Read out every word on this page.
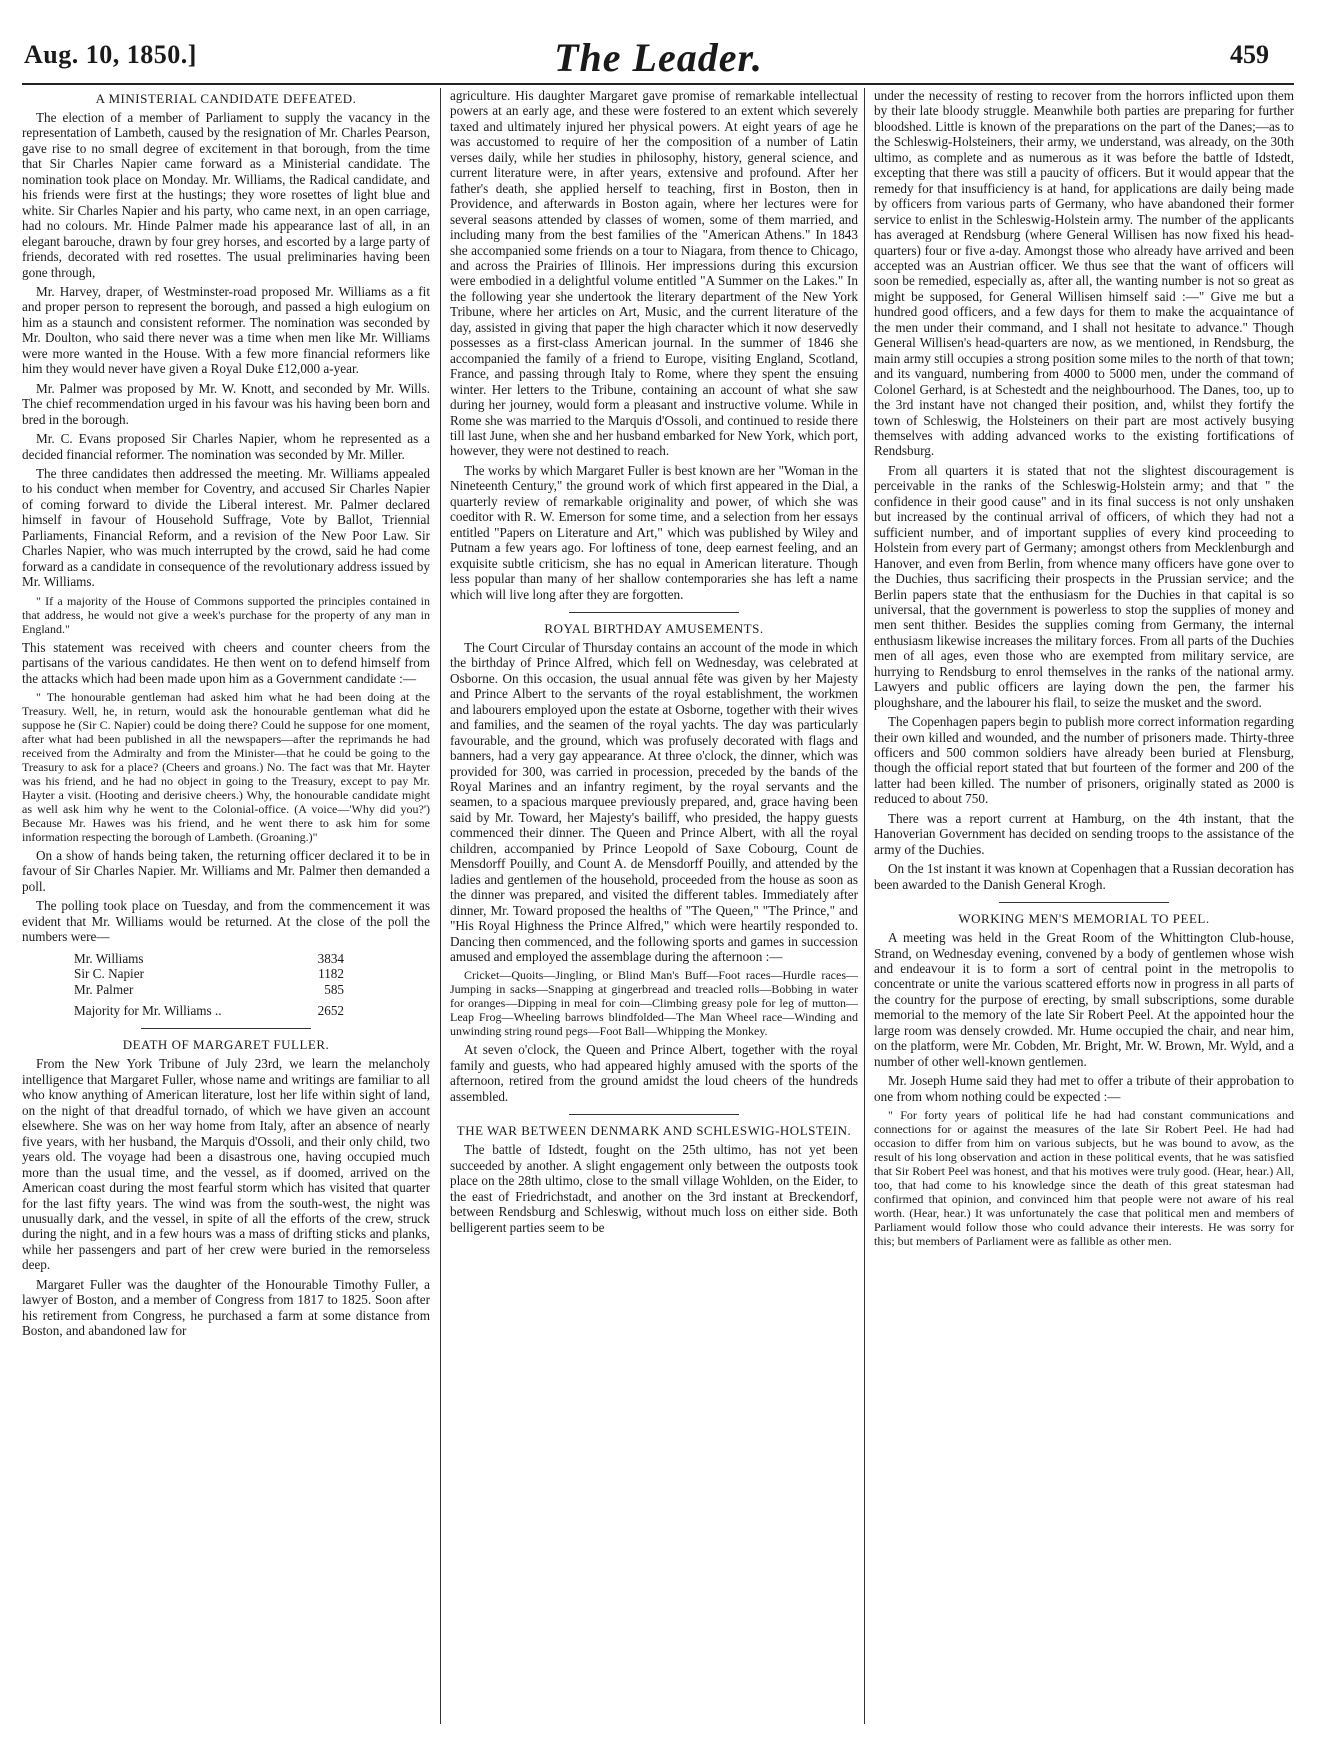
Aug. 10, 1850.]	The Leader.	459
A MINISTERIAL CANDIDATE DEFEATED.

The election of a member of Parliament to supply the vacancy in the representation of Lambeth, caused by the resignation of Mr. Charles Pearson, gave rise to no small degree of excitement in that borough, from the time that Sir Charles Napier came forward as a Ministerial candidate. The nomination took place on Monday. Mr. Williams, the Radical candidate, and his friends were first at the hustings; they wore rosettes of light blue and white. Sir Charles Napier and his party, who came next, in an open carriage, had no colours. Mr. Hinde Palmer made his appearance last of all, in an elegant barouche, drawn by four grey horses, and escorted by a large party of friends, decorated with red rosettes. The usual preliminaries having been gone through,

Mr. Harvey, draper, of Westminster-road proposed Mr. Williams as a fit and proper person to represent the borough, and passed a high eulogium on him as a staunch and consistent reformer. The nomination was seconded by Mr. Doulton, who said there never was a time when men like Mr. Williams were more wanted in the House. With a few more financial reformers like him they would never have given a Royal Duke £12,000 a-year.

Mr. Palmer was proposed by Mr. W. Knott, and seconded by Mr. Wills. The chief recommendation urged in his favour was his having been born and bred in the borough.

Mr. C. Evans proposed Sir Charles Napier, whom he represented as a decided financial reformer. The nomination was seconded by Mr. Miller.

The three candidates then addressed the meeting. Mr. Williams appealed to his conduct when member for Coventry, and accused Sir Charles Napier of coming forward to divide the Liberal interest. Mr. Palmer declared himself in favour of Household Suffrage, Vote by Ballot, Triennial Parliaments, Financial Reform, and a revision of the New Poor Law. Sir Charles Napier, who was much interrupted by the crowd, said he had come forward as a candidate in consequence of the revolutionary address issued by Mr. Williams.

" If a majority of the House of Commons supported the principles contained in that address, he would not give a week's purchase for the property of any man in England."

This statement was received with cheers and counter cheers from the partisans of the various candidates. He then went on to defend himself from the attacks which had been made upon him as a Government candidate :—

" The honourable gentleman had asked him what he had been doing at the Treasury. Well, he, in return, would ask the honourable gentleman what did he suppose he (Sir C. Napier) could be doing there? Could he suppose for one moment, after what had been published in all the newspapers—after the reprimands he had received from the Admiralty and from the Minister—that he could be going to the Treasury to ask for a place? (Cheers and groans.) No. The fact was that Mr. Hayter was his friend, and he had no object in going to the Treasury, except to pay Mr. Hayter a visit. (Hooting and derisive cheers.) Why, the honourable candidate might as well ask him why he went to the Colonial-office. (A voice—'Why did you?') Because Mr. Hawes was his friend, and he went there to ask him for some information respecting the borough of Lambeth. (Groaning.)"

On a show of hands being taken, the returning officer declared it to be in favour of Sir Charles Napier. Mr. Williams and Mr. Palmer then demanded a poll.

The polling took place on Tuesday, and from the commencement it was evident that Mr. Williams would be returned. At the close of the poll the numbers were—

Mr. Williams	3834
Sir C. Napier	1182
Mr. Palmer	585
Majority for Mr. Williams ..	2652
DEATH OF MARGARET FULLER.

From the New York Tribune of July 23rd, we learn the melancholy intelligence that Margaret Fuller, whose name and writings are familiar to all who know anything of American literature, lost her life within sight of land, on the night of that dreadful tornado, of which we have given an account elsewhere. She was on her way home from Italy, after an absence of nearly five years, with her husband, the Marquis d'Ossoli, and their only child, two years old. The voyage had been a disastrous one, having occupied much more than the usual time, and the vessel, as if doomed, arrived on the American coast during the most fearful storm which has visited that quarter for the last fifty years. The wind was from the south-west, the night was unusually dark, and the vessel, in spite of all the efforts of the crew, struck during the night, and in a few hours was a mass of drifting sticks and planks, while her passengers and part of her crew were buried in the remorseless deep.

Margaret Fuller was the daughter of the Honourable Timothy Fuller, a lawyer of Boston, and a member of Congress from 1817 to 1825. Soon after his retirement from Congress, he purchased a farm at some distance from Boston, and abandoned law for

agriculture. His daughter Margaret gave promise of remarkable intellectual powers at an early age, and these were fostered to an extent which severely taxed and ultimately injured her physical powers. At eight years of age he was accustomed to require of her the composition of a number of Latin verses daily, while her studies in philosophy, history, general science, and current literature were, in after years, extensive and profound. After her father's death, she applied herself to teaching, first in Boston, then in Providence, and afterwards in Boston again, where her lectures were for several seasons attended by classes of women, some of them married, and including many from the best families of the "American Athens." In 1843 she accompanied some friends on a tour to Niagara, from thence to Chicago, and across the Prairies of Illinois. Her impressions during this excursion were embodied in a delightful volume entitled "A Summer on the Lakes." In the following year she undertook the literary department of the New York Tribune, where her articles on Art, Music, and the current literature of the day, assisted in giving that paper the high character which it now deservedly possesses as a first-class American journal. In the summer of 1846 she accompanied the family of a friend to Europe, visiting England, Scotland, France, and passing through Italy to Rome, where they spent the ensuing winter. Her letters to the Tribune, containing an account of what she saw during her journey, would form a pleasant and instructive volume. While in Rome she was married to the Marquis d'Ossoli, and continued to reside there till last June, when she and her husband embarked for New York, which port, however, they were not destined to reach.

The works by which Margaret Fuller is best known are her "Woman in the Nineteenth Century," the ground work of which first appeared in the Dial, a quarterly review of remarkable originality and power, of which she was coeditor with R. W. Emerson for some time, and a selection from her essays entitled "Papers on Literature and Art," which was published by Wiley and Putnam a few years ago. For loftiness of tone, deep earnest feeling, and an exquisite subtle criticism, she has no equal in American literature. Though less popular than many of her shallow contemporaries she has left a name which will live long after they are forgotten.

ROYAL BIRTHDAY AMUSEMENTS.

The Court Circular of Thursday contains an account of the mode in which the birthday of Prince Alfred, which fell on Wednesday, was celebrated at Osborne. On this occasion, the usual annual fête was given by her Majesty and Prince Albert to the servants of the royal establishment, the workmen and labourers employed upon the estate at Osborne, together with their wives and families, and the seamen of the royal yachts. The day was particularly favourable, and the ground, which was profusely decorated with flags and banners, had a very gay appearance. At three o'clock, the dinner, which was provided for 300, was carried in procession, preceded by the bands of the Royal Marines and an infantry regiment, by the royal servants and the seamen, to a spacious marquee previously prepared, and, grace having been said by Mr. Toward, her Majesty's bailiff, who presided, the happy guests commenced their dinner. The Queen and Prince Albert, with all the royal children, accompanied by Prince Leopold of Saxe Cobourg, Count de Mensdorff Pouilly, and Count A. de Mensdorff Pouilly, and attended by the ladies and gentlemen of the household, proceeded from the house as soon as the dinner was prepared, and visited the different tables. Immediately after dinner, Mr. Toward proposed the healths of "The Queen," "The Prince," and "His Royal Highness the Prince Alfred," which were heartily responded to. Dancing then commenced, and the following sports and games in succession amused and employed the assemblage during the afternoon :—

Cricket—Quoits—Jingling, or Blind Man's Buff—Foot races—Hurdle races—Jumping in sacks—Snapping at gingerbread and treacled rolls—Bobbing in water for oranges—Dipping in meal for coin—Climbing greasy pole for leg of mutton—Leap Frog—Wheeling barrows blindfolded—The Man Wheel race—Winding and unwinding string round pegs—Foot Ball—Whipping the Monkey.

At seven o'clock, the Queen and Prince Albert, together with the royal family and guests, who had appeared highly amused with the sports of the afternoon, retired from the ground amidst the loud cheers of the hundreds assembled.

THE WAR BETWEEN DENMARK AND SCHLESWIG-HOLSTEIN.

The battle of Idstedt, fought on the 25th ultimo, has not yet been succeeded by another. A slight engagement only between the outposts took place on the 28th ultimo, close to the small village Wohlden, on the Eider, to the east of Friedrichstadt, and another on the 3rd instant at Breckendorf, between Rendsburg and Schleswig, without much loss on either side. Both belligerent parties seem to be

under the necessity of resting to recover from the horrors inflicted upon them by their late bloody struggle. Meanwhile both parties are preparing for further bloodshed. Little is known of the preparations on the part of the Danes;—as to the Schleswig-Holsteiners, their army, we understand, was already, on the 30th ultimo, as complete and as numerous as it was before the battle of Idstedt, excepting that there was still a paucity of officers. But it would appear that the remedy for that insufficiency is at hand, for applications are daily being made by officers from various parts of Germany, who have abandoned their former service to enlist in the Schleswig-Holstein army. The number of the applicants has averaged at Rendsburg (where General Willisen has now fixed his head-quarters) four or five a-day. Amongst those who already have arrived and been accepted was an Austrian officer. We thus see that the want of officers will soon be remedied, especially as, after all, the wanting number is not so great as might be supposed, for General Willisen himself said :—" Give me but a hundred good officers, and a few days for them to make the acquaintance of the men under their command, and I shall not hesitate to advance." Though General Willisen's head-quarters are now, as we mentioned, in Rendsburg, the main army still occupies a strong position some miles to the north of that town; and its vanguard, numbering from 4000 to 5000 men, under the command of Colonel Gerhard, is at Schestedt and the neighbourhood. The Danes, too, up to the 3rd instant have not changed their position, and, whilst they fortify the town of Schleswig, the Holsteiners on their part are most actively busying themselves with adding advanced works to the existing fortifications of Rendsburg.

From all quarters it is stated that not the slightest discouragement is perceivable in the ranks of the Schleswig-Holstein army; and that " the confidence in their good cause" and in its final success is not only unshaken but increased by the continual arrival of officers, of which they had not a sufficient number, and of important supplies of every kind proceeding to Holstein from every part of Germany; amongst others from Mecklenburgh and Hanover, and even from Berlin, from whence many officers have gone over to the Duchies, thus sacrificing their prospects in the Prussian service; and the Berlin papers state that the enthusiasm for the Duchies in that capital is so universal, that the government is powerless to stop the supplies of money and men sent thither. Besides the supplies coming from Germany, the internal enthusiasm likewise increases the military forces. From all parts of the Duchies men of all ages, even those who are exempted from military service, are hurrying to Rendsburg to enrol themselves in the ranks of the national army. Lawyers and public officers are laying down the pen, the farmer his ploughshare, and the labourer his flail, to seize the musket and the sword.

The Copenhagen papers begin to publish more correct information regarding their own killed and wounded, and the number of prisoners made. Thirty-three officers and 500 common soldiers have already been buried at Flensburg, though the official report stated that but fourteen of the former and 200 of the latter had been killed. The number of prisoners, originally stated as 2000 is reduced to about 750.

There was a report current at Hamburg, on the 4th instant, that the Hanoverian Government has decided on sending troops to the assistance of the army of the Duchies.

On the 1st instant it was known at Copenhagen that a Russian decoration has been awarded to the Danish General Krogh.

WORKING MEN'S MEMORIAL TO PEEL.

A meeting was held in the Great Room of the Whittington Club-house, Strand, on Wednesday evening, convened by a body of gentlemen whose wish and endeavour it is to form a sort of central point in the metropolis to concentrate or unite the various scattered efforts now in progress in all parts of the country for the purpose of erecting, by small subscriptions, some durable memorial to the memory of the late Sir Robert Peel. At the appointed hour the large room was densely crowded. Mr. Hume occupied the chair, and near him, on the platform, were Mr. Cobden, Mr. Bright, Mr. W. Brown, Mr. Wyld, and a number of other well-known gentlemen.

Mr. Joseph Hume said they had met to offer a tribute of their approbation to one from whom nothing could be expected :—

" For forty years of political life he had had constant communications and connections for or against the measures of the late Sir Robert Peel. He had had occasion to differ from him on various subjects, but he was bound to avow, as the result of his long observation and action in these political events, that he was satisfied that Sir Robert Peel was honest, and that his motives were truly good. (Hear, hear.) All, too, that had come to his knowledge since the death of this great statesman had confirmed that opinion, and convinced him that people were not aware of his real worth. (Hear, hear.) It was unfortunately the case that political men and members of Parliament would follow those who could advance their interests. He was sorry for this; but members of Parliament were as fallible as other men.
